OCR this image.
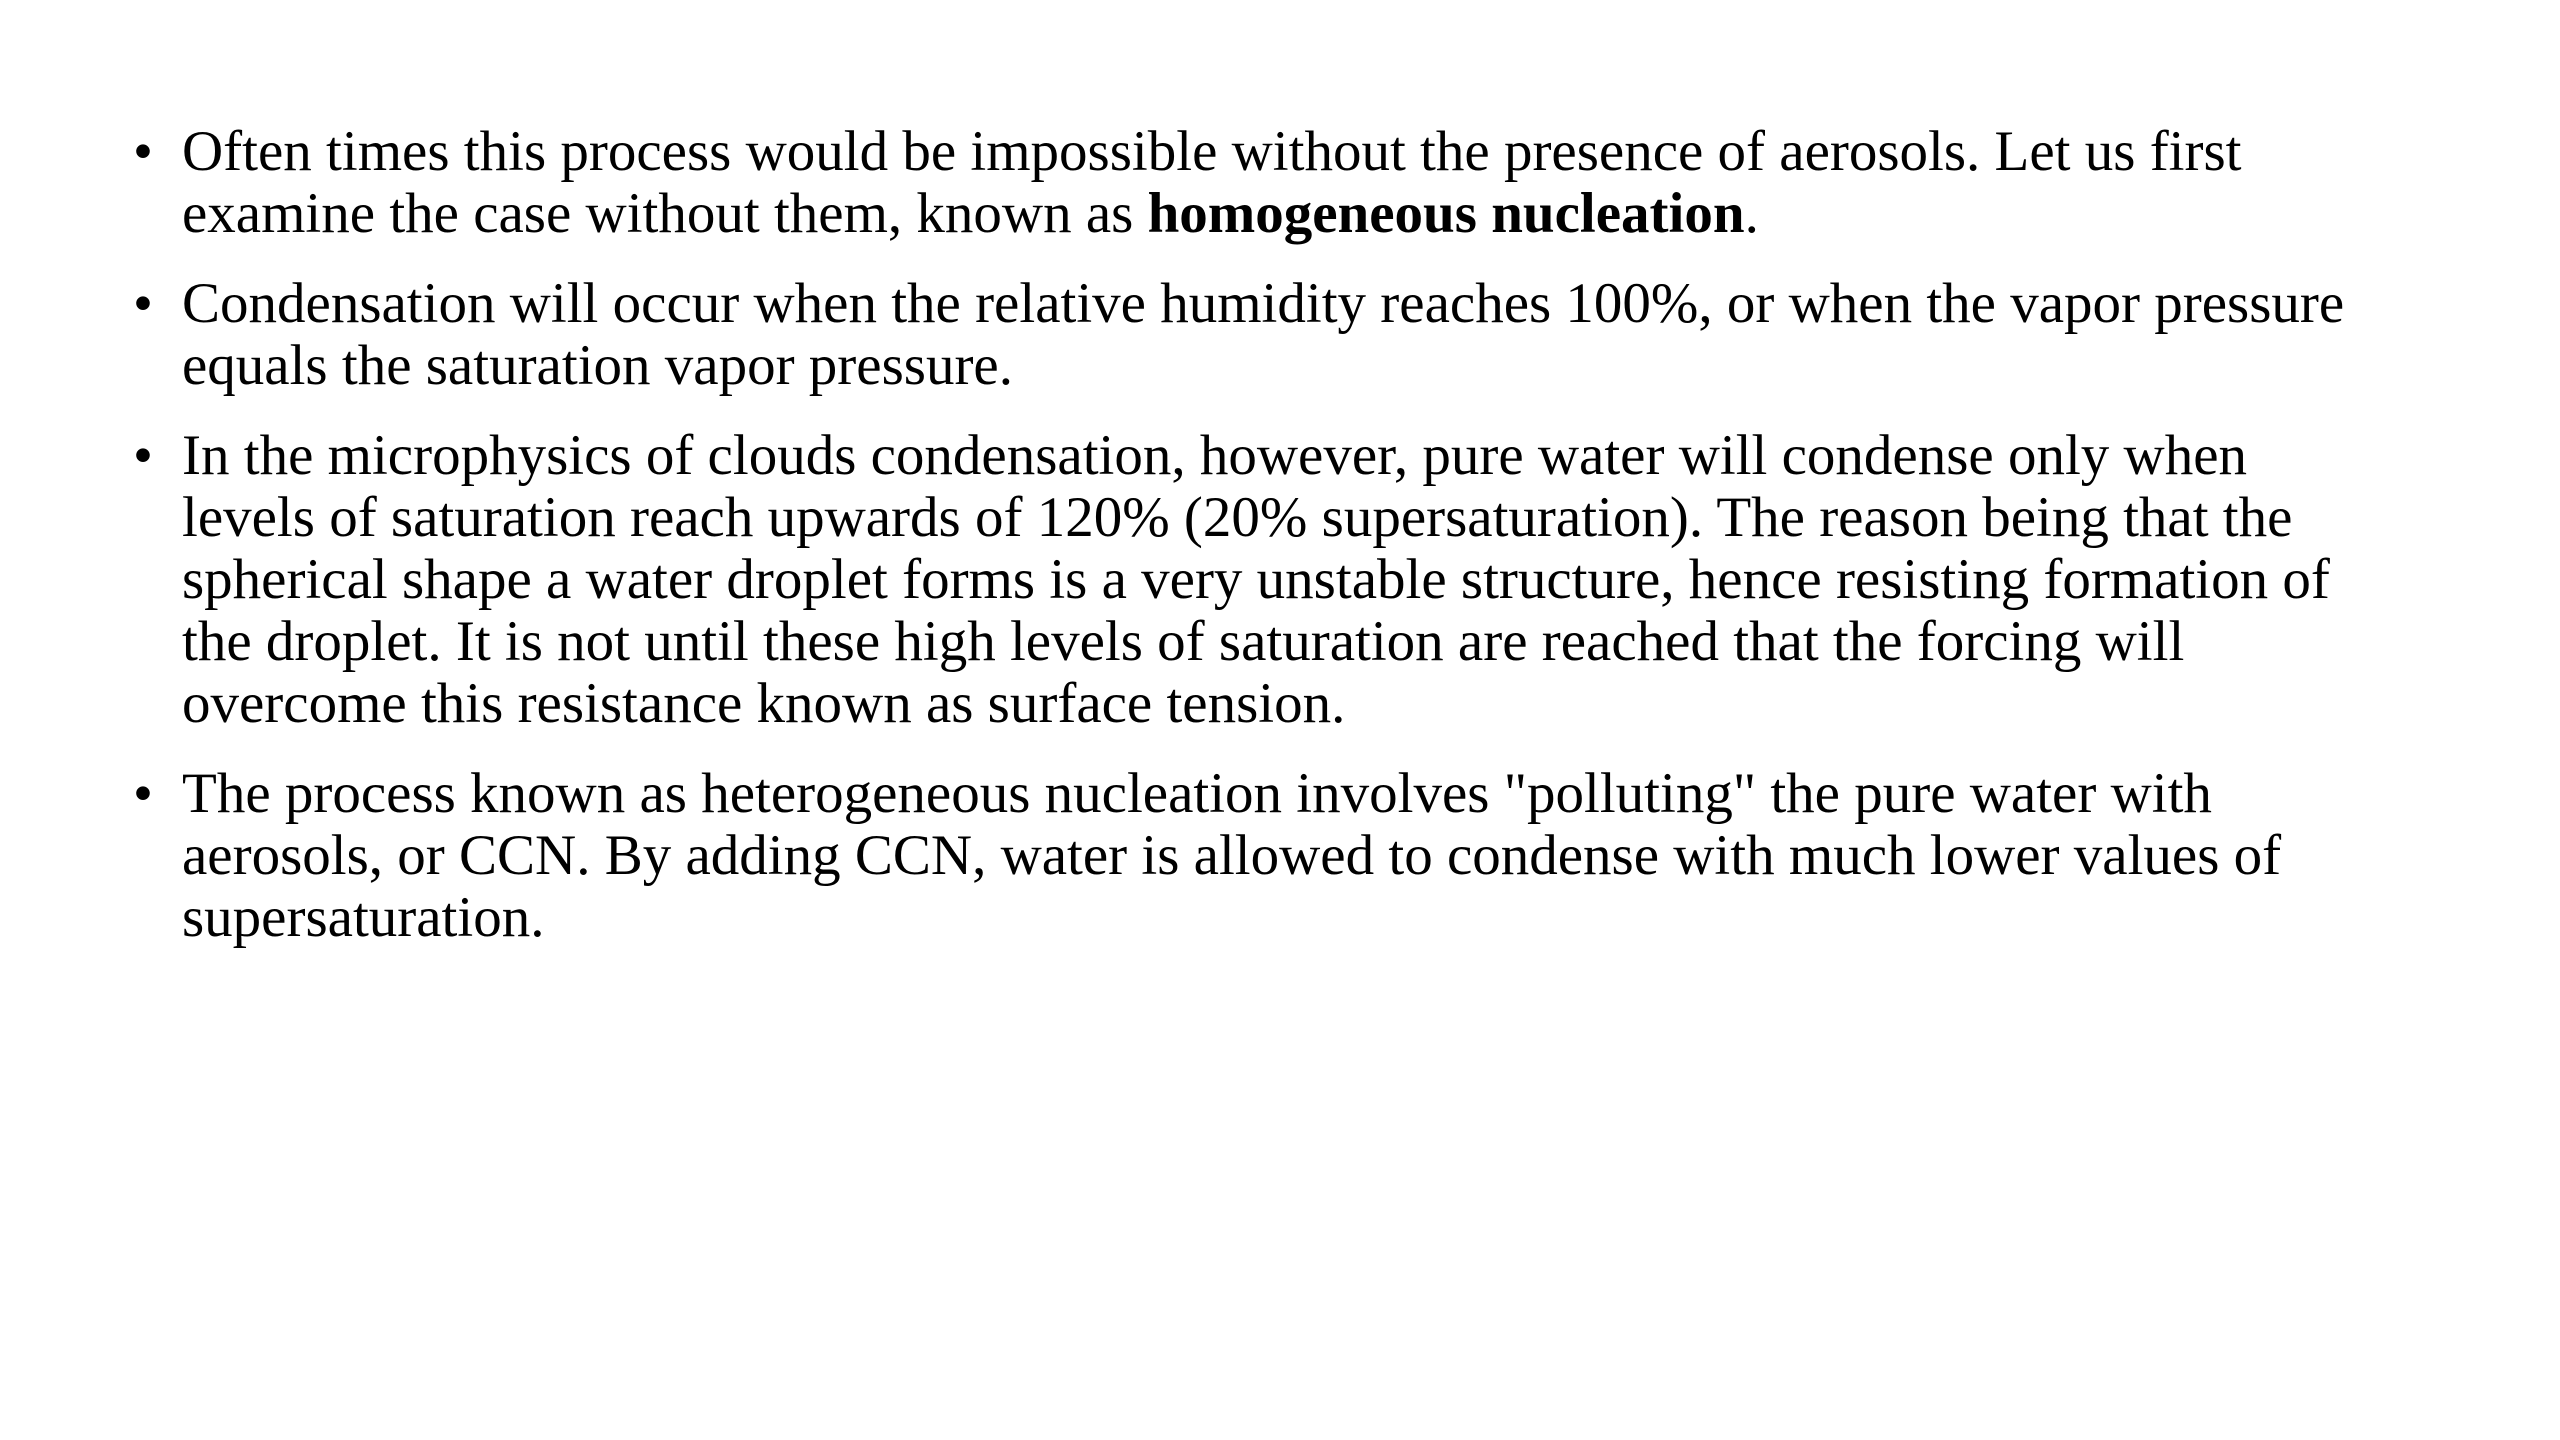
• Often times this process would be impossible without the presence of aerosols. Let us first examine the case without them, known as homogeneous nucleation.
• Condensation will occur when the relative humidity reaches 100%, or when the vapor pressure equals the saturation vapor pressure.
• In the microphysics of clouds condensation, however, pure water will condense only when levels of saturation reach upwards of 120% (20% supersaturation). The reason being that the spherical shape a water droplet forms is a very unstable structure, hence resisting formation of the droplet. It is not until these high levels of saturation are reached that the forcing will overcome this resistance known as surface tension.
• The process known as heterogeneous nucleation involves "polluting" the pure water with aerosols, or CCN. By adding CCN, water is allowed to condense with much lower values of supersaturation.
